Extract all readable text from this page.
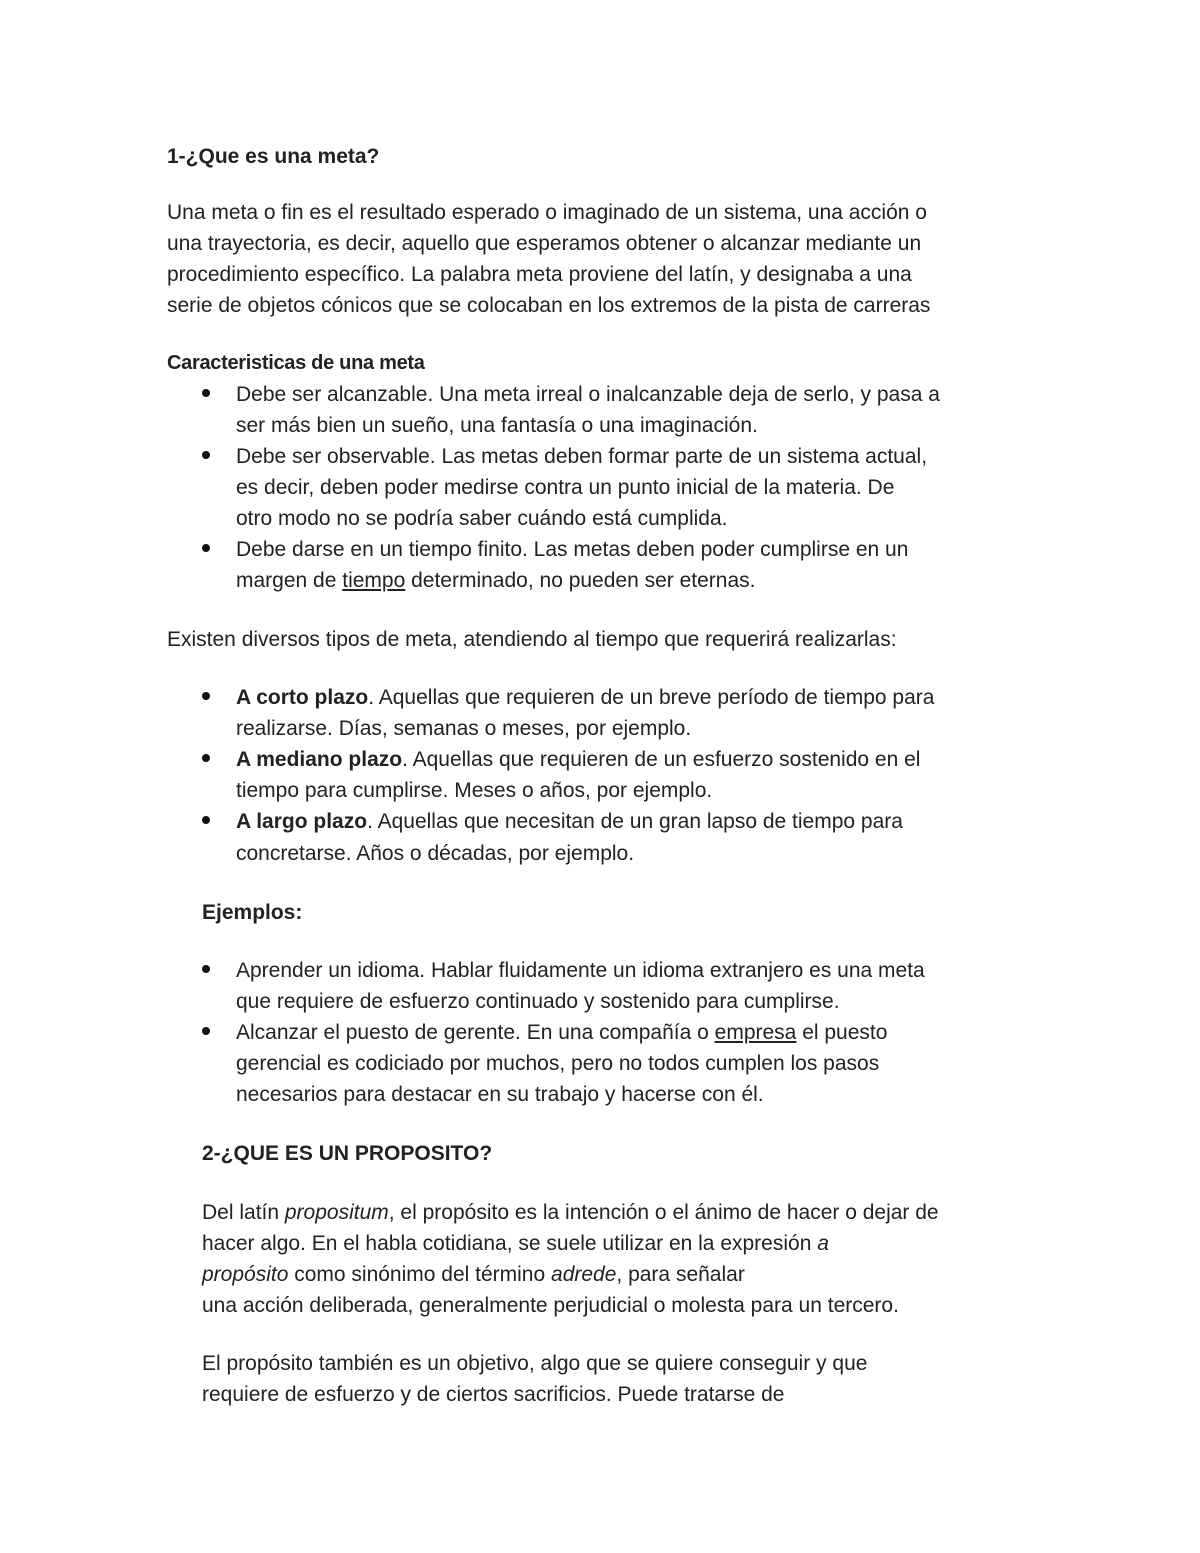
1-¿Que es una meta?

Una meta o fin es el resultado esperado o imaginado de un sistema, una acción o

una trayectoria, es decir, aquello que esperamos obtener o alcanzar mediante un

procedimiento específico. La palabra meta proviene del latín, y designaba a una

serie de objetos cónicos que se colocaban en los extremos de la pista de carreras

Caracteristicas de una meta

Debe ser alcanzable. Una meta irreal o inalcanzable deja de serlo, y pasa a

ser más bien un sueño, una fantasía o una imaginación.

Debe ser observable. Las metas deben formar parte de un sistema actual,

es decir, deben poder medirse contra un punto inicial de la materia. De

otro modo no se podría saber cuándo está cumplida.

Debe darse en un tiempo finito. Las metas deben poder cumplirse en un

margen de tiempo determinado, no pueden ser eternas.

Existen diversos tipos de meta, atendiendo al tiempo que requerirá realizarlas:

A corto plazo. Aquellas que requieren de un breve período de tiempo para

realizarse. Días, semanas o meses, por ejemplo.

A mediano plazo. Aquellas que requieren de un esfuerzo sostenido en el

tiempo para cumplirse. Meses o años, por ejemplo.

A largo plazo. Aquellas que necesitan de un gran lapso de tiempo para

concretarse. Años o décadas, por ejemplo.

Ejemplos:

Aprender un idioma. Hablar fluidamente un idioma extranjero es una meta

que requiere de esfuerzo continuado y sostenido para cumplirse.

Alcanzar el puesto de gerente. En una compañía o empresa el puesto

gerencial es codiciado por muchos, pero no todos cumplen los pasos

necesarios para destacar en su trabajo y hacerse con él.

2-¿QUE ES UN PROPOSITO?

Del latín propositum, el propósito es la intención o el ánimo de hacer o dejar de

hacer algo. En el habla cotidiana, se suele utilizar en la expresión a

propósito como sinónimo del término adrede, para señalar

una acción deliberada, generalmente perjudicial o molesta para un tercero.

El propósito también es un objetivo, algo que se quiere conseguir y que

requiere de esfuerzo y de ciertos sacrificios. Puede tratarse de
